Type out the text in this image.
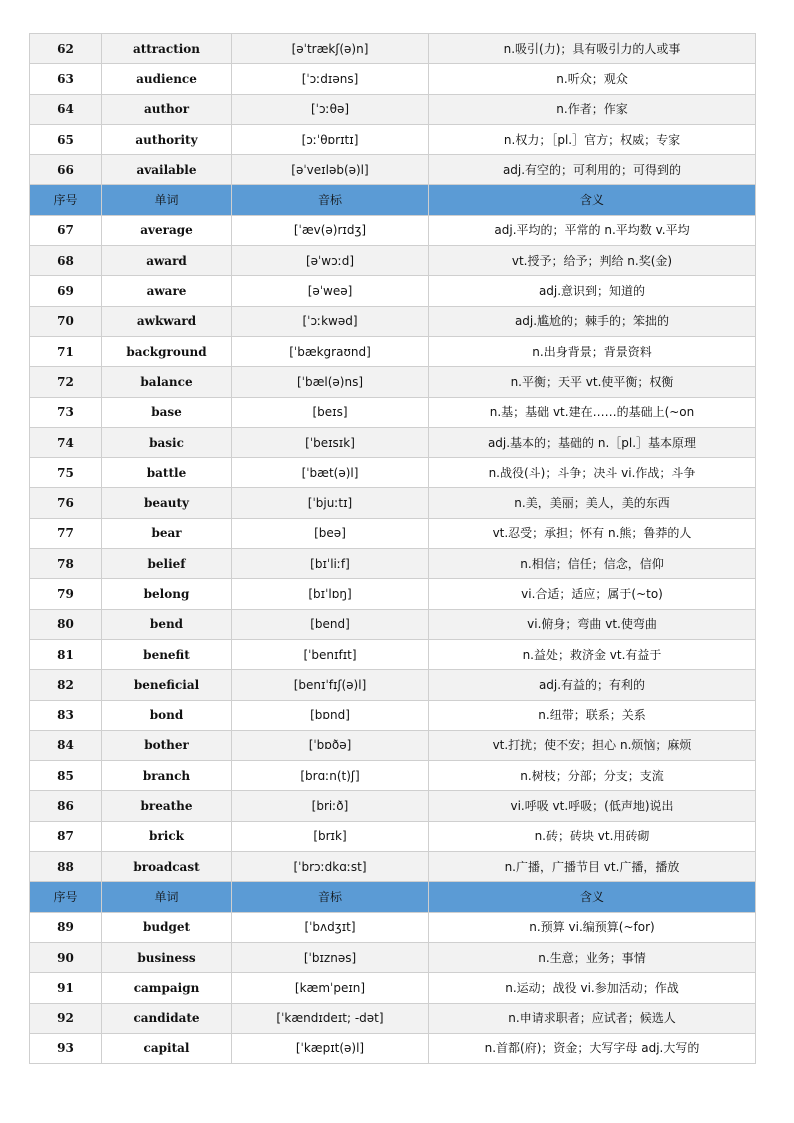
62	attraction	[əˈtrækʃ(ə)n]	n.吸引(力)；具有吸引力的人或事
63	audience	[ˈɔːdɪəns]	n.听众；观众
64	author	[ˈɔːθə]	n.作者；作家
65	authority	[ɔːˈθɒrɪtɪ]	n.权力；［pl.］官方；权威；专家
66	available	[əˈveɪləb(ə)l]	adj.有空的；可利用的；可得到的
序号	单词	音标	含义
67	average	[ˈæv(ə)rɪdʒ]	adj.平均的；平常的 n.平均数 v.平均
68	award	[əˈwɔːd]	vt.授予；给予；判给 n.奖(金)
69	aware	[əˈweə]	adj.意识到；知道的
70	awkward	[ˈɔːkwəd]	adj.尴尬的；棘手的；笨拙的
71	background	[ˈbækgraʊnd]	n.出身背景；背景资料
72	balance	[ˈbæl(ə)ns]	n.平衡；天平 vt.使平衡；权衡
73	base	[beɪs]	n.基；基础 vt.建在……的基础上(~on
74	basic	[ˈbeɪsɪk]	adj.基本的；基础的 n.［pl.］基本原理
75	battle	[ˈbæt(ə)l]	n.战役(斗)；斗争；决斗 vi.作战；斗争
76	beauty	[ˈbjuːtɪ]	n.美，美丽；美人，美的东西
77	bear	[beə]	vt.忍受；承担；怀有 n.熊；鲁莽的人
78	belief	[bɪˈliːf]	n.相信；信任；信念，信仰
79	belong	[bɪˈlɒŋ]	vi.合适；适应；属于(~to)
80	bend	[bend]	vi.俯身；弯曲 vt.使弯曲
81	benefit	[ˈbenɪfɪt]	n.益处；救济金 vt.有益于
82	beneficial	[benɪˈfɪʃ(ə)l]	adj.有益的；有利的
83	bond	[bɒnd]	n.纽带；联系；关系
84	bother	[ˈbɒðə]	vt.打扰；使不安；担心 n.烦恼；麻烦
85	branch	[brɑːn(t)ʃ]	n.树枝；分部；分支；支流
86	breathe	[briːð]	vi.呼吸 vt.呼吸；(低声地)说出
87	brick	[brɪk]	n.砖；砖块 vt.用砖砌
88	broadcast	[ˈbrɔːdkɑːst]	n.广播，广播节目 vt.广播，播放
序号	单词	音标	含义
89	budget	[ˈbʌdʒɪt]	n.预算 vi.编预算(~for)
90	business	[ˈbɪznəs]	n.生意；业务；事情
91	campaign	[kæmˈpeɪn]	n.运动；战役 vi.参加活动；作战
92	candidate	[ˈkændɪdeɪt; -dət]	n.申请求职者；应试者；候选人
93	capital	[ˈkæpɪt(ə)l]	n.首都(府)；资金；大写字母 adj.大写的
